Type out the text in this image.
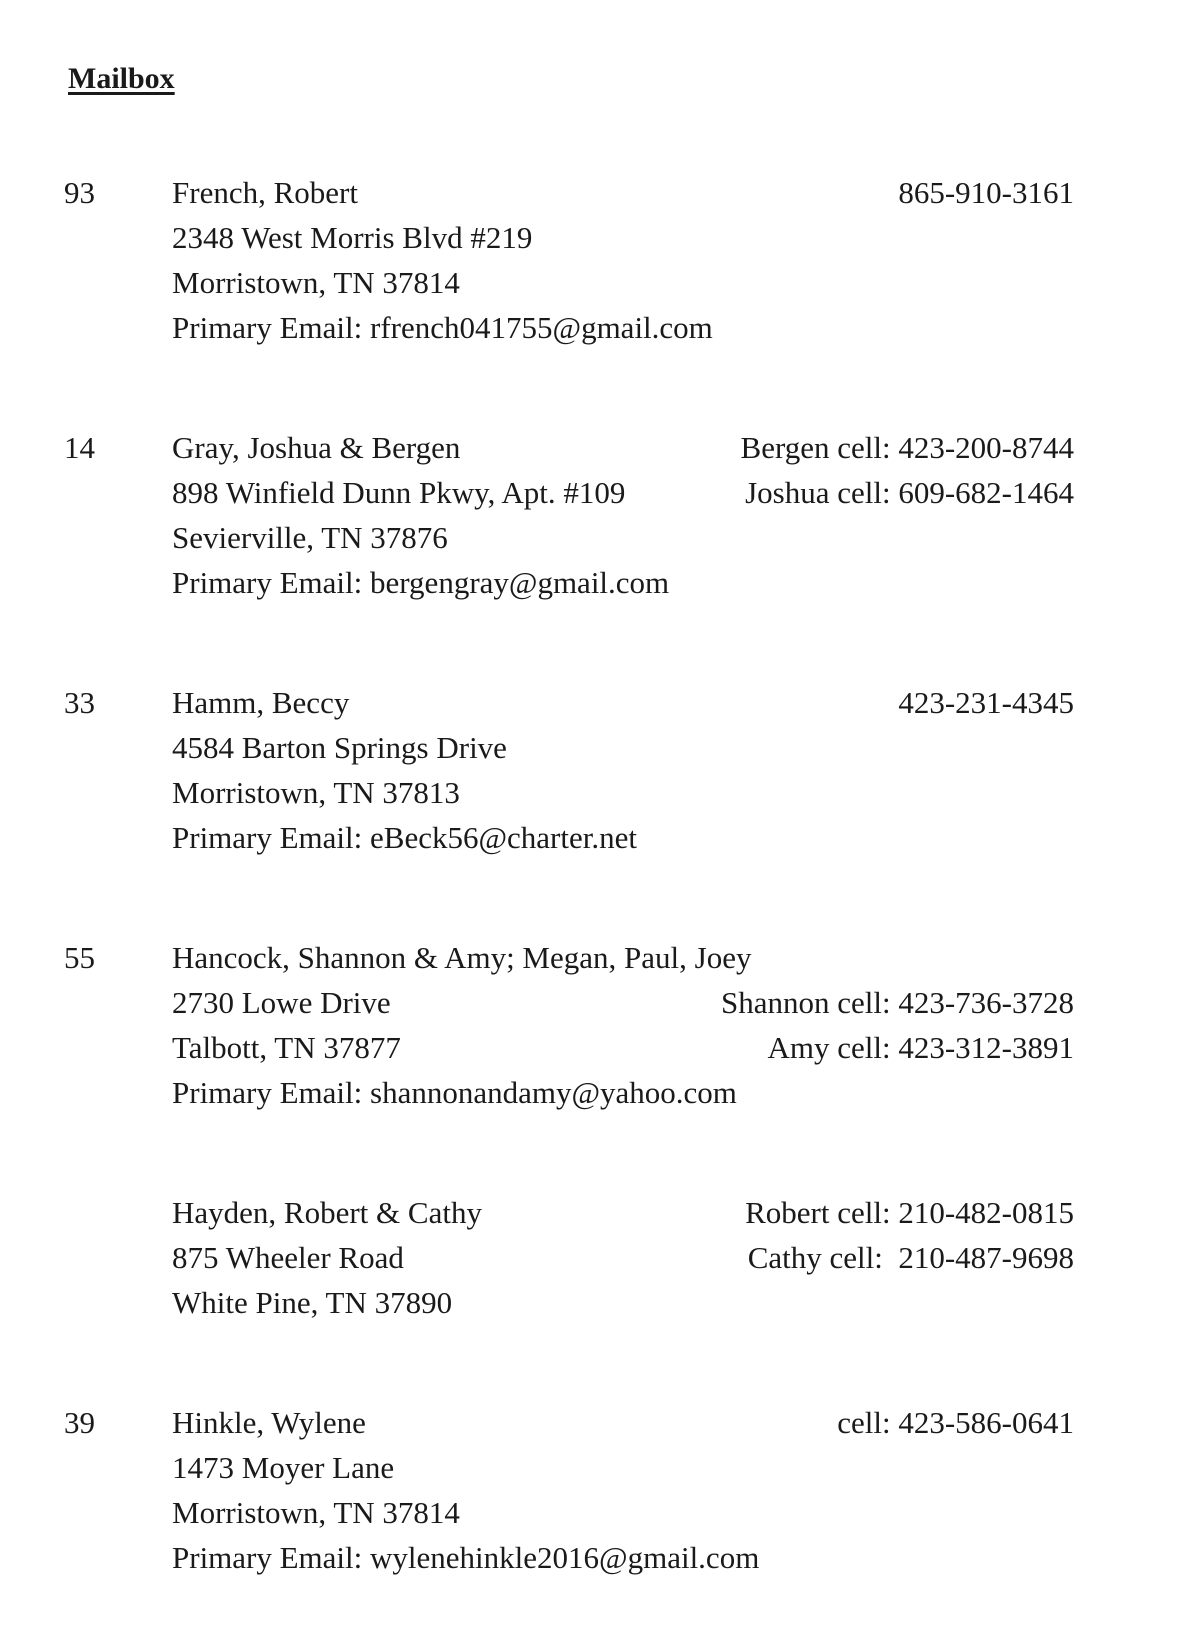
Mailbox
93 French, Robert
2348 West Morris Blvd #219
Morristown, TN 37814
Primary Email: rfrench041755@gmail.com
865-910-3161
14 Gray, Joshua & Bergen
898 Winfield Dunn Pkwy, Apt. #109
Sevierville, TN 37876
Primary Email: bergengray@gmail.com
Bergen cell: 423-200-8744
Joshua cell: 609-682-1464
33 Hamm, Beccy
4584 Barton Springs Drive
Morristown, TN 37813
Primary Email: eBeck56@charter.net
423-231-4345
55 Hancock, Shannon & Amy; Megan, Paul, Joey
2730 Lowe Drive
Talbott, TN 37877
Primary Email: shannonandamy@yahoo.com
Shannon cell: 423-736-3728
Amy cell: 423-312-3891
Hayden, Robert & Cathy
875 Wheeler Road
White Pine, TN 37890
Robert cell: 210-482-0815
Cathy cell:  210-487-9698
39 Hinkle, Wylene
1473 Moyer Lane
Morristown, TN 37814
Primary Email: wylenehinkle2016@gmail.com
cell: 423-586-0641
